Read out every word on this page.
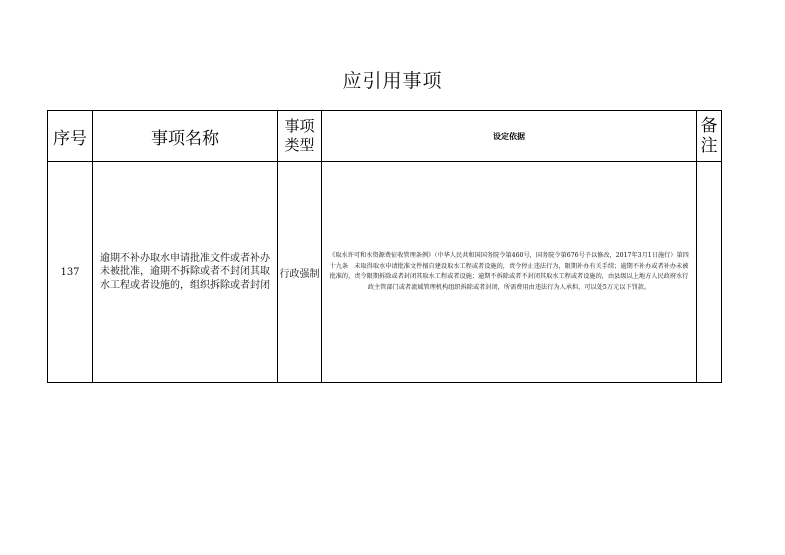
应引用事项
序号	事项名称	事项类型	设定依据	备注
137	逾期不补办取水申请批准文件或者补办未被批准，逾期不拆除或者不封闭其取水工程或者设施的，组织拆除或者封闭	行政强制	《取水许可和水资源费征收管理条例》（中华人民共和国国务院令第460号，国务院令第676号予以修改，2017年3月1日施行）第四十九条　未取得取水申请批准文件擅自建设取水工程或者设施的，责令停止违法行为，限期补办有关手续；逾期不补办或者补办未被批准的，责令限期拆除或者封闭其取水工程或者设施；逾期不拆除或者不封闭其取水工程或者设施的，由县级以上地方人民政府水行政主管部门或者流域管理机构组织拆除或者封闭，所需费用由违法行为人承担，可以处5万元以下罚款。	
